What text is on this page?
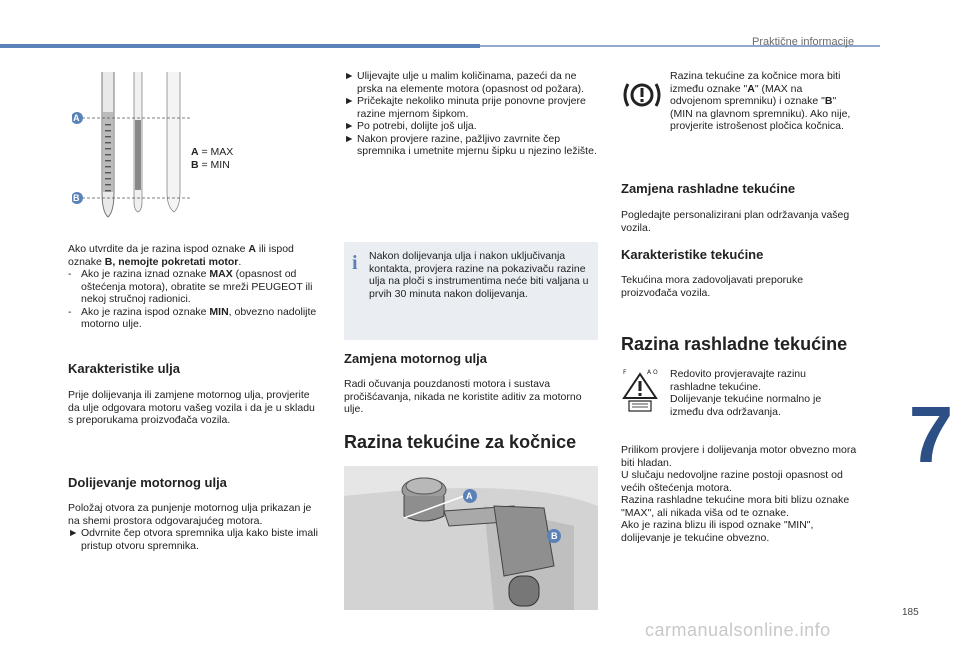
Praktične informacije
A
B
A = MAX
B = MIN
Ako utvrdite da je razina ispod oznake A ili ispod oznake B, nemojte pokretati motor.
- Ako je razina iznad oznake MAX (opasnost od oštećenja motora), obratite se mreži PEUGEOT ili nekoj stručnoj radionici.
- Ako je razina ispod oznake MIN, obvezno nadolijte motorno ulje.
Karakteristike ulja
Prije dolijevanja ili zamjene motornog ulja, provjerite da ulje odgovara motoru vašeg vozila i da je u skladu s preporukama proizvođača vozila.
Dolijevanje motornog ulja
Položaj otvora za punjenje motornog ulja prikazan je na shemi prostora odgovarajućeg motora.
► Odvrnite čep otvora spremnika ulja kako biste imali pristup otvoru spremnika.
► Ulijevajte ulje u malim količinama, pazeći da ne prska na elemente motora (opasnost od požara).
► Pričekajte nekoliko minuta prije ponovne provjere razine mjernom šipkom.
► Po potrebi, dolijte još ulja.
► Nakon provjere razine, pažljivo zavrnite čep spremnika i umetnite mjernu šipku u njezino ležište.
i	Nakon dolijevanja ulja i nakon uključivanja kontakta, provjera razine na pokazivaču razine ulja na ploči s instrumentima neće biti valjana u prvih 30 minuta nakon dolijevanja.
Zamjena motornog ulja
Radi očuvanja pouzdanosti motora i sustava pročišćavanja, nikada ne koristite aditiv za motorno ulje.
Razina tekućine za kočnice
A
B
Razina tekućine za kočnice mora biti između oznake "A" (MAX na odvojenom spremniku) i oznake "B" (MIN na glavnom spremniku). Ako nije, provjerite istrošenost pločica kočnica.
Zamjena rashladne tekućine
Pogledajte personalizirani plan održavanja vašeg vozila.
Karakteristike tekućine
Tekućina mora zadovoljavati preporuke proizvođača vozila.
Razina rashladne tekućine
F	A O Redovito provjeravajte razinu rashladne tekućine.
Dolijevanje tekućine normalno je između dva održavanja.
Prilikom provjere i dolijevanja motor obvezno mora biti hladan.
U slučaju nedovoljne razine postoji opasnost od većih oštećenja motora.
Razina rashladne tekućine mora biti blizu oznake "MAX", ali nikada viša od te oznake.
Ako je razina blizu ili ispod oznake "MIN", dolijevanje je tekućine obvezno.
7
185
carmanualsonline.info
